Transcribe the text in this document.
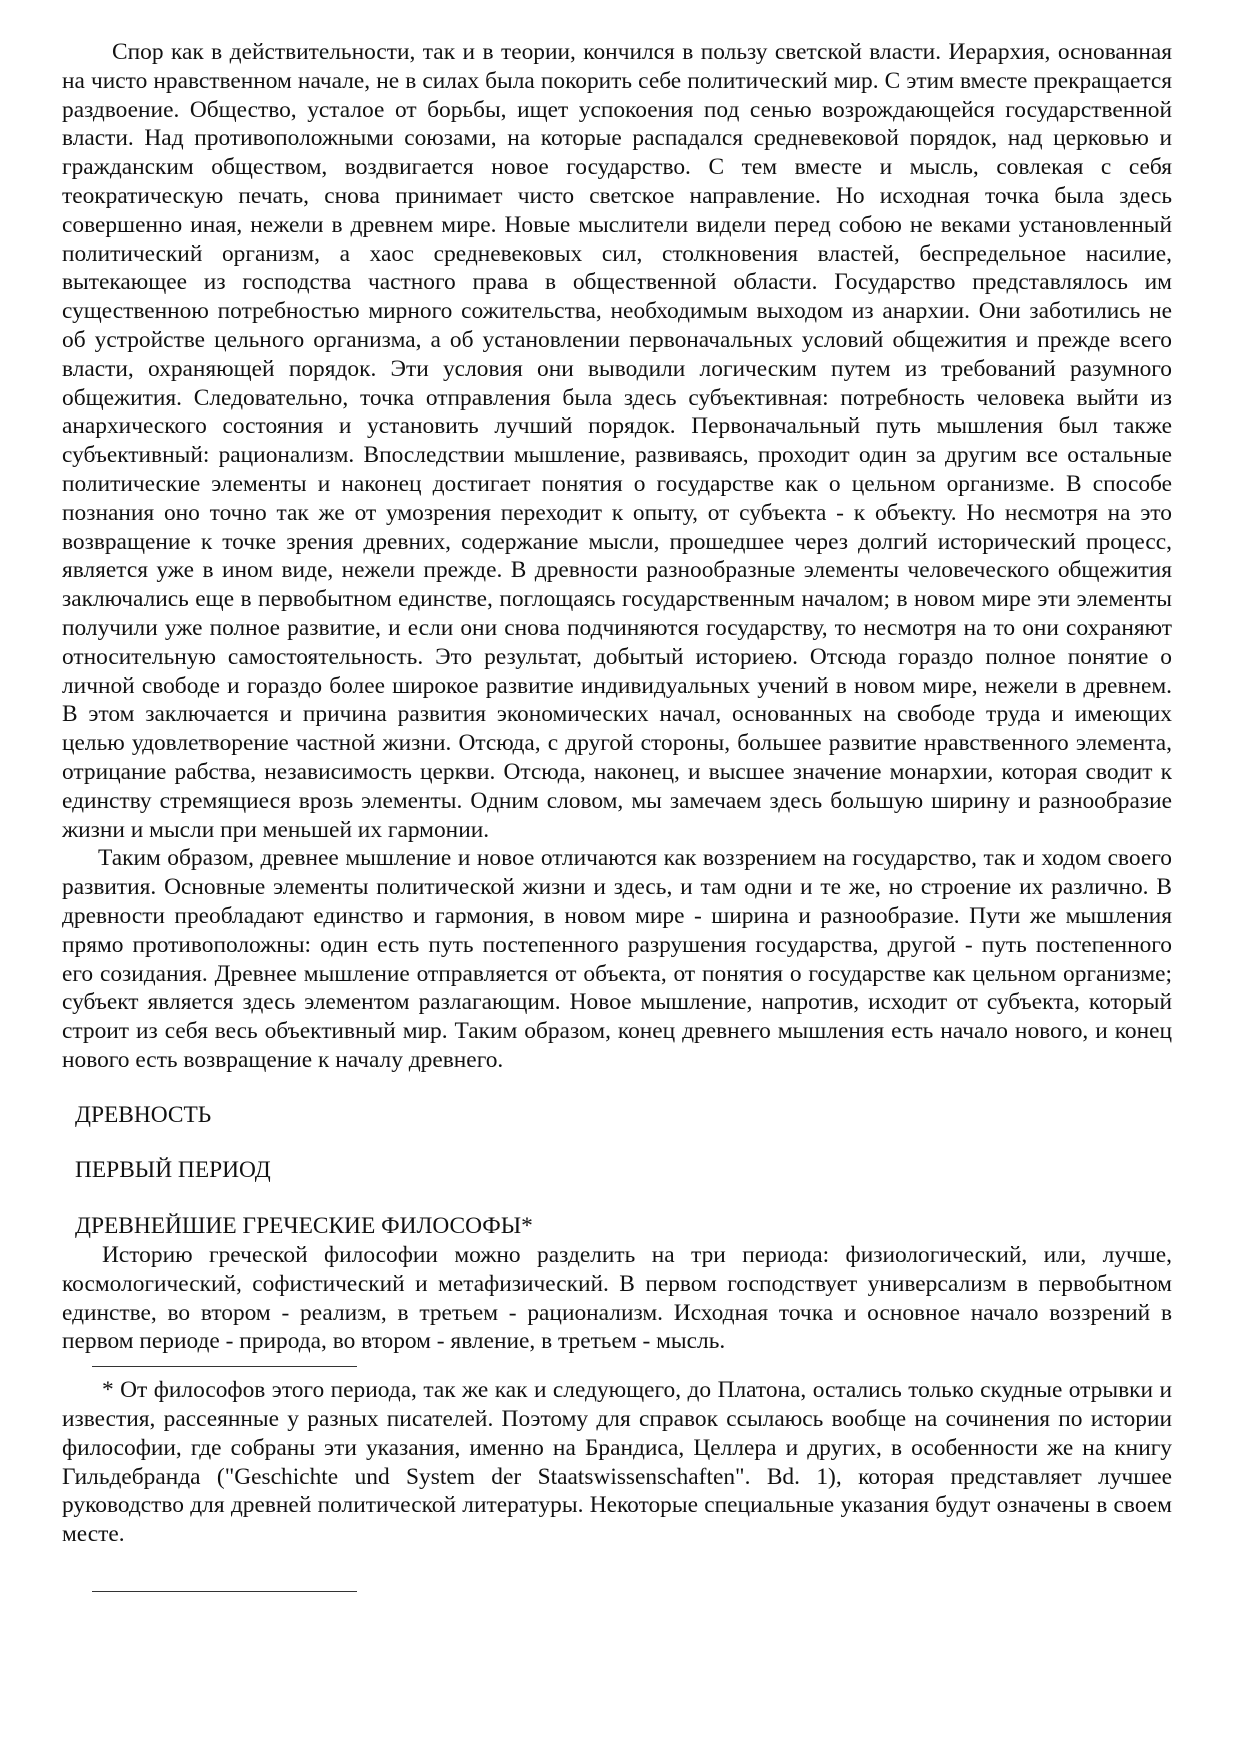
Спор как в действительности, так и в теории, кончился в пользу светской власти. Иерархия, основанная на чисто нравственном начале, не в силах была покорить себе политический мир. С этим вместе прекращается раздвоение. Общество, усталое от борьбы, ищет успокоения под сенью возрождающейся государственной власти. Над противоположными союзами, на которые распадался средневековой порядок, над церковью и гражданским обществом, воздвигается новое государство. С тем вместе и мысль, совлекая с себя теократическую печать, снова принимает чисто светское направление. Но исходная точка была здесь совершенно иная, нежели в древнем мире. Новые мыслители видели перед собою не веками установленный политический организм, а хаос средневековых сил, столкновения властей, беспредельное насилие, вытекающее из господства частного права в общественной области. Государство представлялось им существенною потребностью мирного сожительства, необходимым выходом из анархии. Они заботились не об устройстве цельного организма, а об установлении первоначальных условий общежития и прежде всего власти, охраняющей порядок. Эти условия они выводили логическим путем из требований разумного общежития. Следовательно, точка отправления была здесь субъективная: потребность человека выйти из анархического состояния и установить лучший порядок. Первоначальный путь мышления был также субъективный: рационализм. Впоследствии мышление, развиваясь, проходит один за другим все остальные политические элементы и наконец достигает понятия о государстве как о цельном организме. В способе познания оно точно так же от умозрения переходит к опыту, от субъекта - к объекту. Но несмотря на это возвращение к точке зрения древних, содержание мысли, прошедшее через долгий исторический процесс, является уже в ином виде, нежели прежде. В древности разнообразные элементы человеческого общежития заключались еще в первобытном единстве, поглощаясь государственным началом; в новом мире эти элементы получили уже полное развитие, и если они снова подчиняются государству, то несмотря на то они сохраняют относительную самостоятельность. Это результат, добытый историею. Отсюда гораздо полное понятие о личной свободе и гораздо более широкое развитие индивидуальных учений в новом мире, нежели в древнем. В этом заключается и причина развития экономических начал, основанных на свободе труда и имеющих целью удовлетворение частной жизни. Отсюда, с другой стороны, большее развитие нравственного элемента, отрицание рабства, независимость церкви. Отсюда, наконец, и высшее значение монархии, которая сводит к единству стремящиеся врозь элементы. Одним словом, мы замечаем здесь большую ширину и разнообразие жизни и мысли при меньшей их гармонии.

Таким образом, древнее мышление и новое отличаются как воззрением на государство, так и ходом своего развития. Основные элементы политической жизни и здесь, и там одни и те же, но строение их различно. В древности преобладают единство и гармония, в новом мире - ширина и разнообразие. Пути же мышления прямо противоположны: один есть путь постепенного разрушения государства, другой - путь постепенного его созидания. Древнее мышление отправляется от объекта, от понятия о государстве как цельном организме; субъект является здесь элементом разлагающим. Новое мышление, напротив, исходит от субъекта, который строит из себя весь объективный мир. Таким образом, конец древнего мышления есть начало нового, и конец нового есть возвращение к началу древнего.

ДРЕВНОСТЬ

ПЕРВЫЙ ПЕРИОД

ДРЕВНЕЙШИЕ ГРЕЧЕСКИЕ ФИЛОСОФЫ*

Историю греческой философии можно разделить на три периода: физиологический, или, лучше, космологический, софистический и метафизический. В первом господствует универсализм в первобытном единстве, во втором - реализм, в третьем - рационализм. Исходная точка и основное начало воззрений в первом периоде - природа, во втором - явление, в третьем - мысль.

* От философов этого периода, так же как и следующего, до Платона, остались только скудные отрывки и известия, рассеянные у разных писателей. Поэтому для справок ссылаюсь вообще на сочинения по истории философии, где собраны эти указания, именно на Брандиса, Целлера и других, в особенности же на книгу Гильдебранда ("Geschichte und System der Staatswissenschaften". Bd. 1), которая представляет лучшее руководство для древней политической литературы. Некоторые специальные указания будут означены в своем месте.
